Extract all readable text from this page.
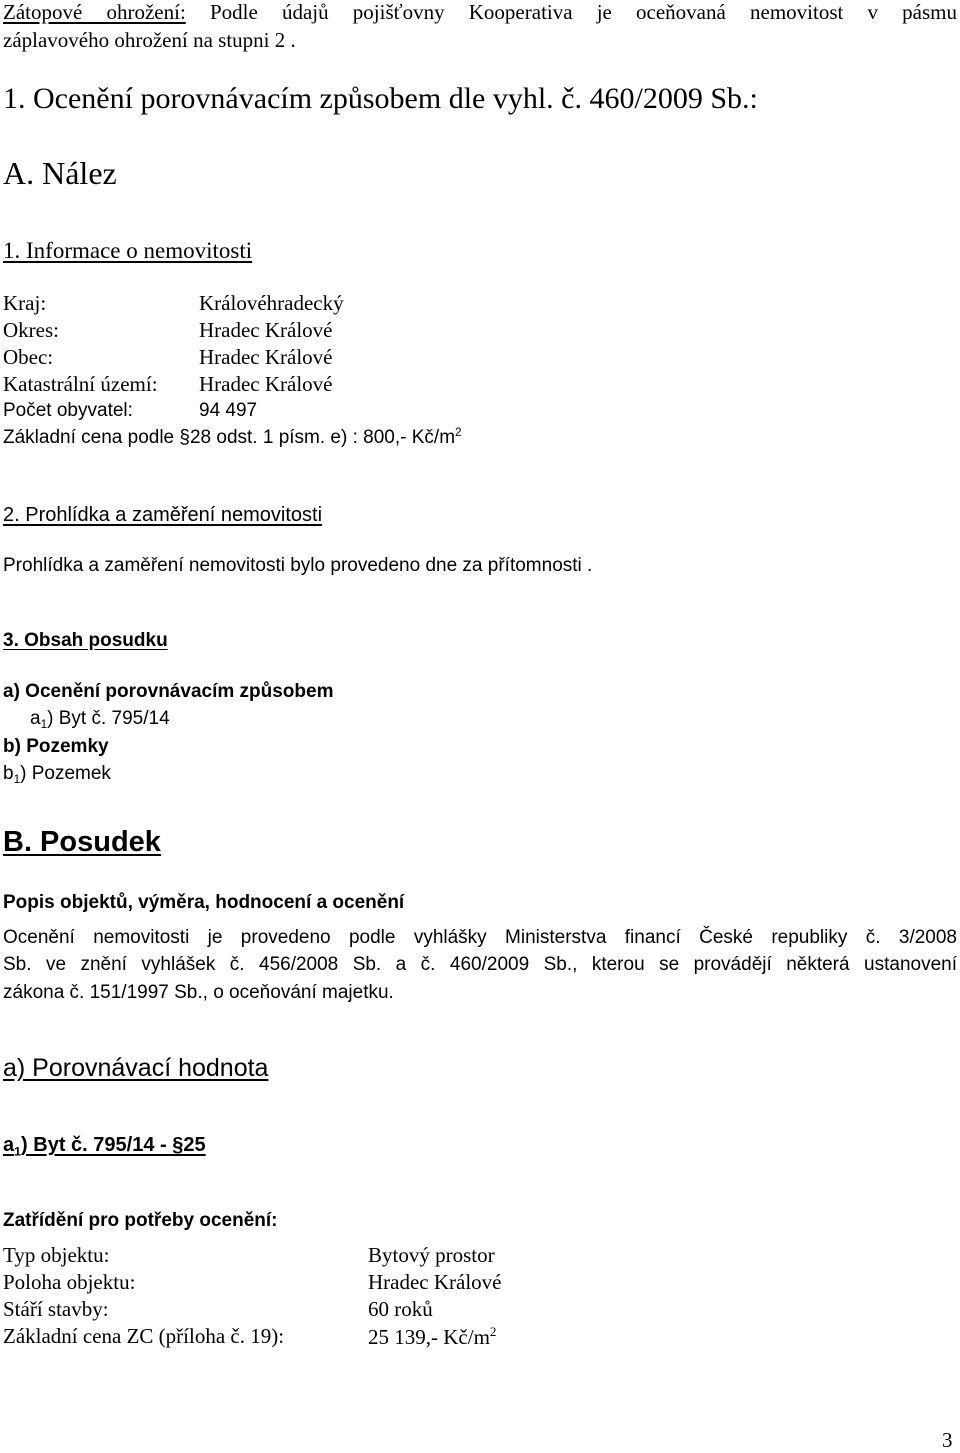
Zátopové ohrožení: Podle údajů pojišťovny Kooperativa je oceňovaná nemovitost v pásmu
záplavového ohrožení na stupni 2 .
1. Ocenění porovnávacím způsobem dle vyhl. č. 460/2009 Sb.:
A. Nález
1. Informace o nemovitosti
Kraj:	Královéhradecký
Okres:	Hradec Králové
Obec:	Hradec Králové
Katastrální území: Hradec Králové
Počet obyvatel:	94 497
Základní cena podle §28 odst. 1 písm. e) : 800,- $Kč/m^2$
2. Prohlídka a zaměření nemovitosti
Prohlídka a zaměření nemovitosti bylo provedeno dne za přítomnosti .
3. Obsah posudku
a) Ocenění porovnávacím způsobem
$a_1$) Byt č. 795/14
b) Pozemky
$b_1$) Pozemek
B. Posudek
Popis objektů, výměra, hodnocení a ocenění
Ocenění nemovitosti je provedeno podle vyhlášky Ministerstva financí České republiky č. 3/2008
Sb. ve znění vyhlášek č. 456/2008 Sb. a č. 460/2009 Sb., kterou se provádějí některá ustanovení
zákona č. 151/1997 Sb., o oceňování majetku.
a) Porovnávací hodnota
$a_1$) Byt č. 795/14 - §25
Zatřídění pro potřeby ocenění:
Typ objektu:	Bytový prostor
Poloha objektu:	Hradec Králové
Stáří stavby:	60 roků
Základní cena ZC (příloha č. 19):	25 139,- $Kč/m^2$
3
